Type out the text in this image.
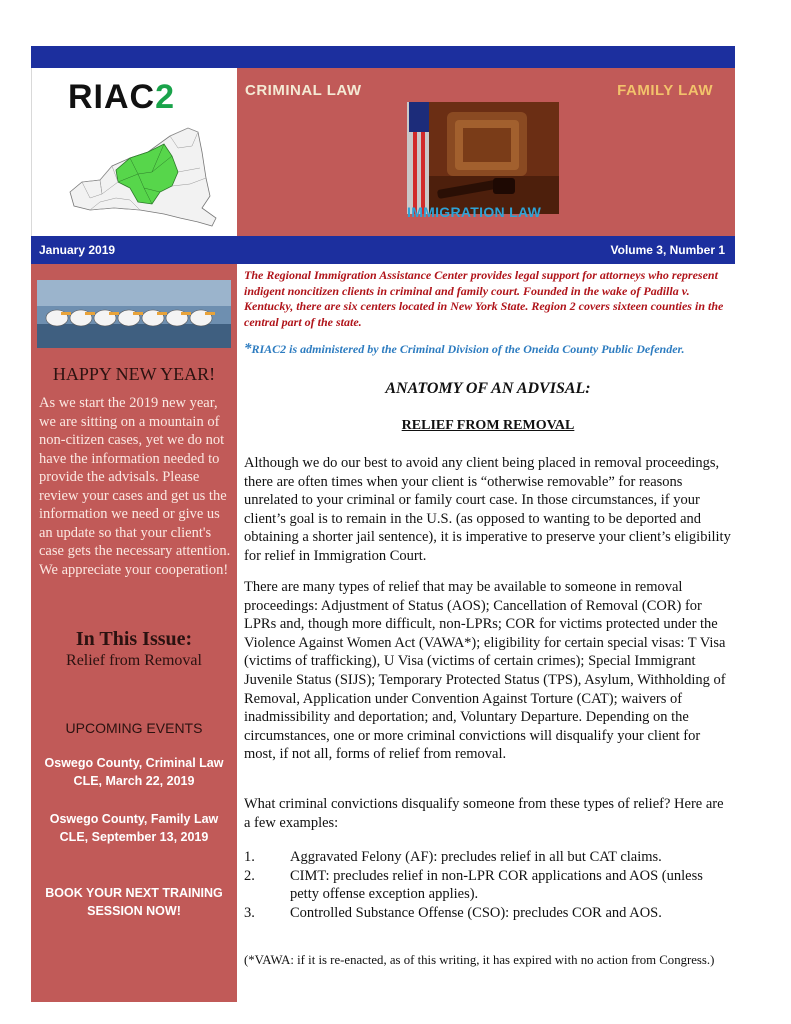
RIAC2	CRIMINAL LAW	FAMILY LAW
IMMIGRATION LAW
January 2019	Volume 3, Number 1
HAPPY NEW YEAR!
As we start the 2019 new year, we are sitting on a mountain of non-citizen cases, yet we do not have the information needed to provide the advisals. Please review your cases and get us the information we need or give us an update so that your client's case gets the necessary attention. We appreciate your cooperation!
In This Issue:
Relief from Removal
UPCOMING EVENTS
Oswego County, Criminal Law
CLE, March 22, 2019
Oswego County, Family Law
CLE, September 13, 2019
BOOK YOUR NEXT TRAINING
SESSION NOW!
The Regional Immigration Assistance Center provides legal support for attorneys who represent indigent noncitizen clients in criminal and family court. Founded in the wake of Padilla v. Kentucky, there are six centers located in New York State. Region 2 covers sixteen counties in the central part of the state.
*RIAC2 is administered by the Criminal Division of the Oneida County Public Defender.
ANATOMY OF AN ADVISAL:
RELIEF FROM REMOVAL
Although we do our best to avoid any client being placed in removal proceedings, there are often times when your client is “otherwise removable” for reasons unrelated to your criminal or family court case. In those circumstances, if your client’s goal is to remain in the U.S. (as opposed to wanting to be deported and obtaining a shorter jail sentence), it is imperative to preserve your client’s eligibility for relief in Immigration Court.
There are many types of relief that may be available to someone in removal proceedings: Adjustment of Status (AOS); Cancellation of Removal (COR) for LPRs and, though more difficult, non-LPRs; COR for victims protected under the Violence Against Women Act (VAWA*); eligibility for certain special visas: T Visa (victims of trafficking), U Visa (victims of certain crimes); Special Immigrant Juvenile Status (SIJS); Temporary Protected Status (TPS), Asylum, Withholding of Removal, Application under Convention Against Torture (CAT); waivers of inadmissibility and deportation; and, Voluntary Departure. Depending on the circumstances, one or more criminal convictions will disqualify your client for most, if not all, forms of relief from removal.
What criminal convictions disqualify someone from these types of relief? Here are a few examples:
1. Aggravated Felony (AF): precludes relief in all but CAT claims.
2. CIMT: precludes relief in non-LPR COR applications and AOS (unless petty offense exception applies).
3. Controlled Substance Offense (CSO): precludes COR and AOS.
(*VAWA: if it is re-enacted, as of this writing, it has expired with no action from Congress.)
